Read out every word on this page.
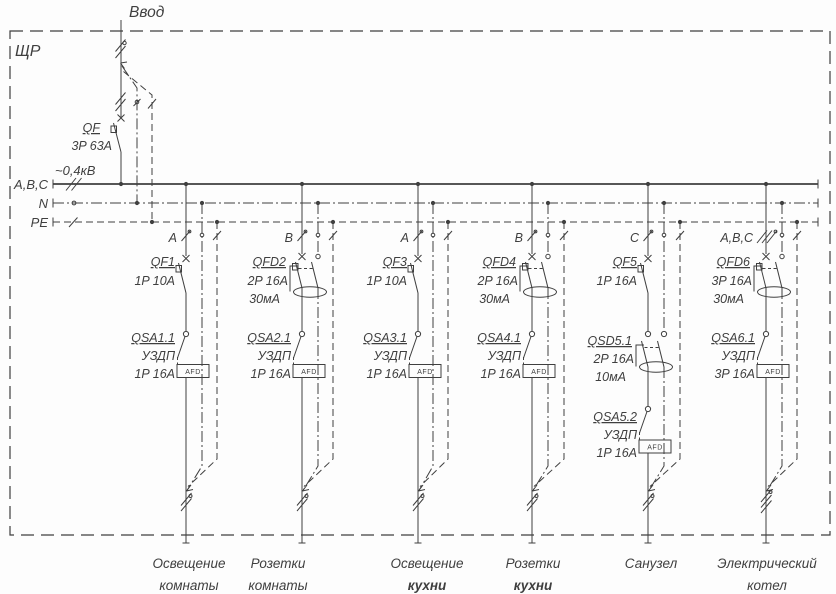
ЩР
Ввод
QF
3P 63A
~0,4кВ
A,B,C
N
PE
A
QF1
1P 10A
AFD
QSA1.1
УЗДП
1P 16A
Освещение
комнаты
B
QFD2
2P 16A
30мА
AFD
QSA2.1
УЗДП
1P 16A
Розетки
комнаты
A
QF3
1P 10A
AFD
QSA3.1
УЗДП
1P 16A
Освещение
кухни
B
QFD4
2P 16A
30мА
AFD
QSA4.1
УЗДП
1P 16A
Розетки
кухни
C
QF5
1P 16A
QSD5.1
2P 16A
10мА
AFD
QSA5.2
УЗДП
1P 16A
Санузел
A,B,C
QFD6
3P 16A
30мА
AFD
QSA6.1
УЗДП
3P 16A
Электрический
котел
